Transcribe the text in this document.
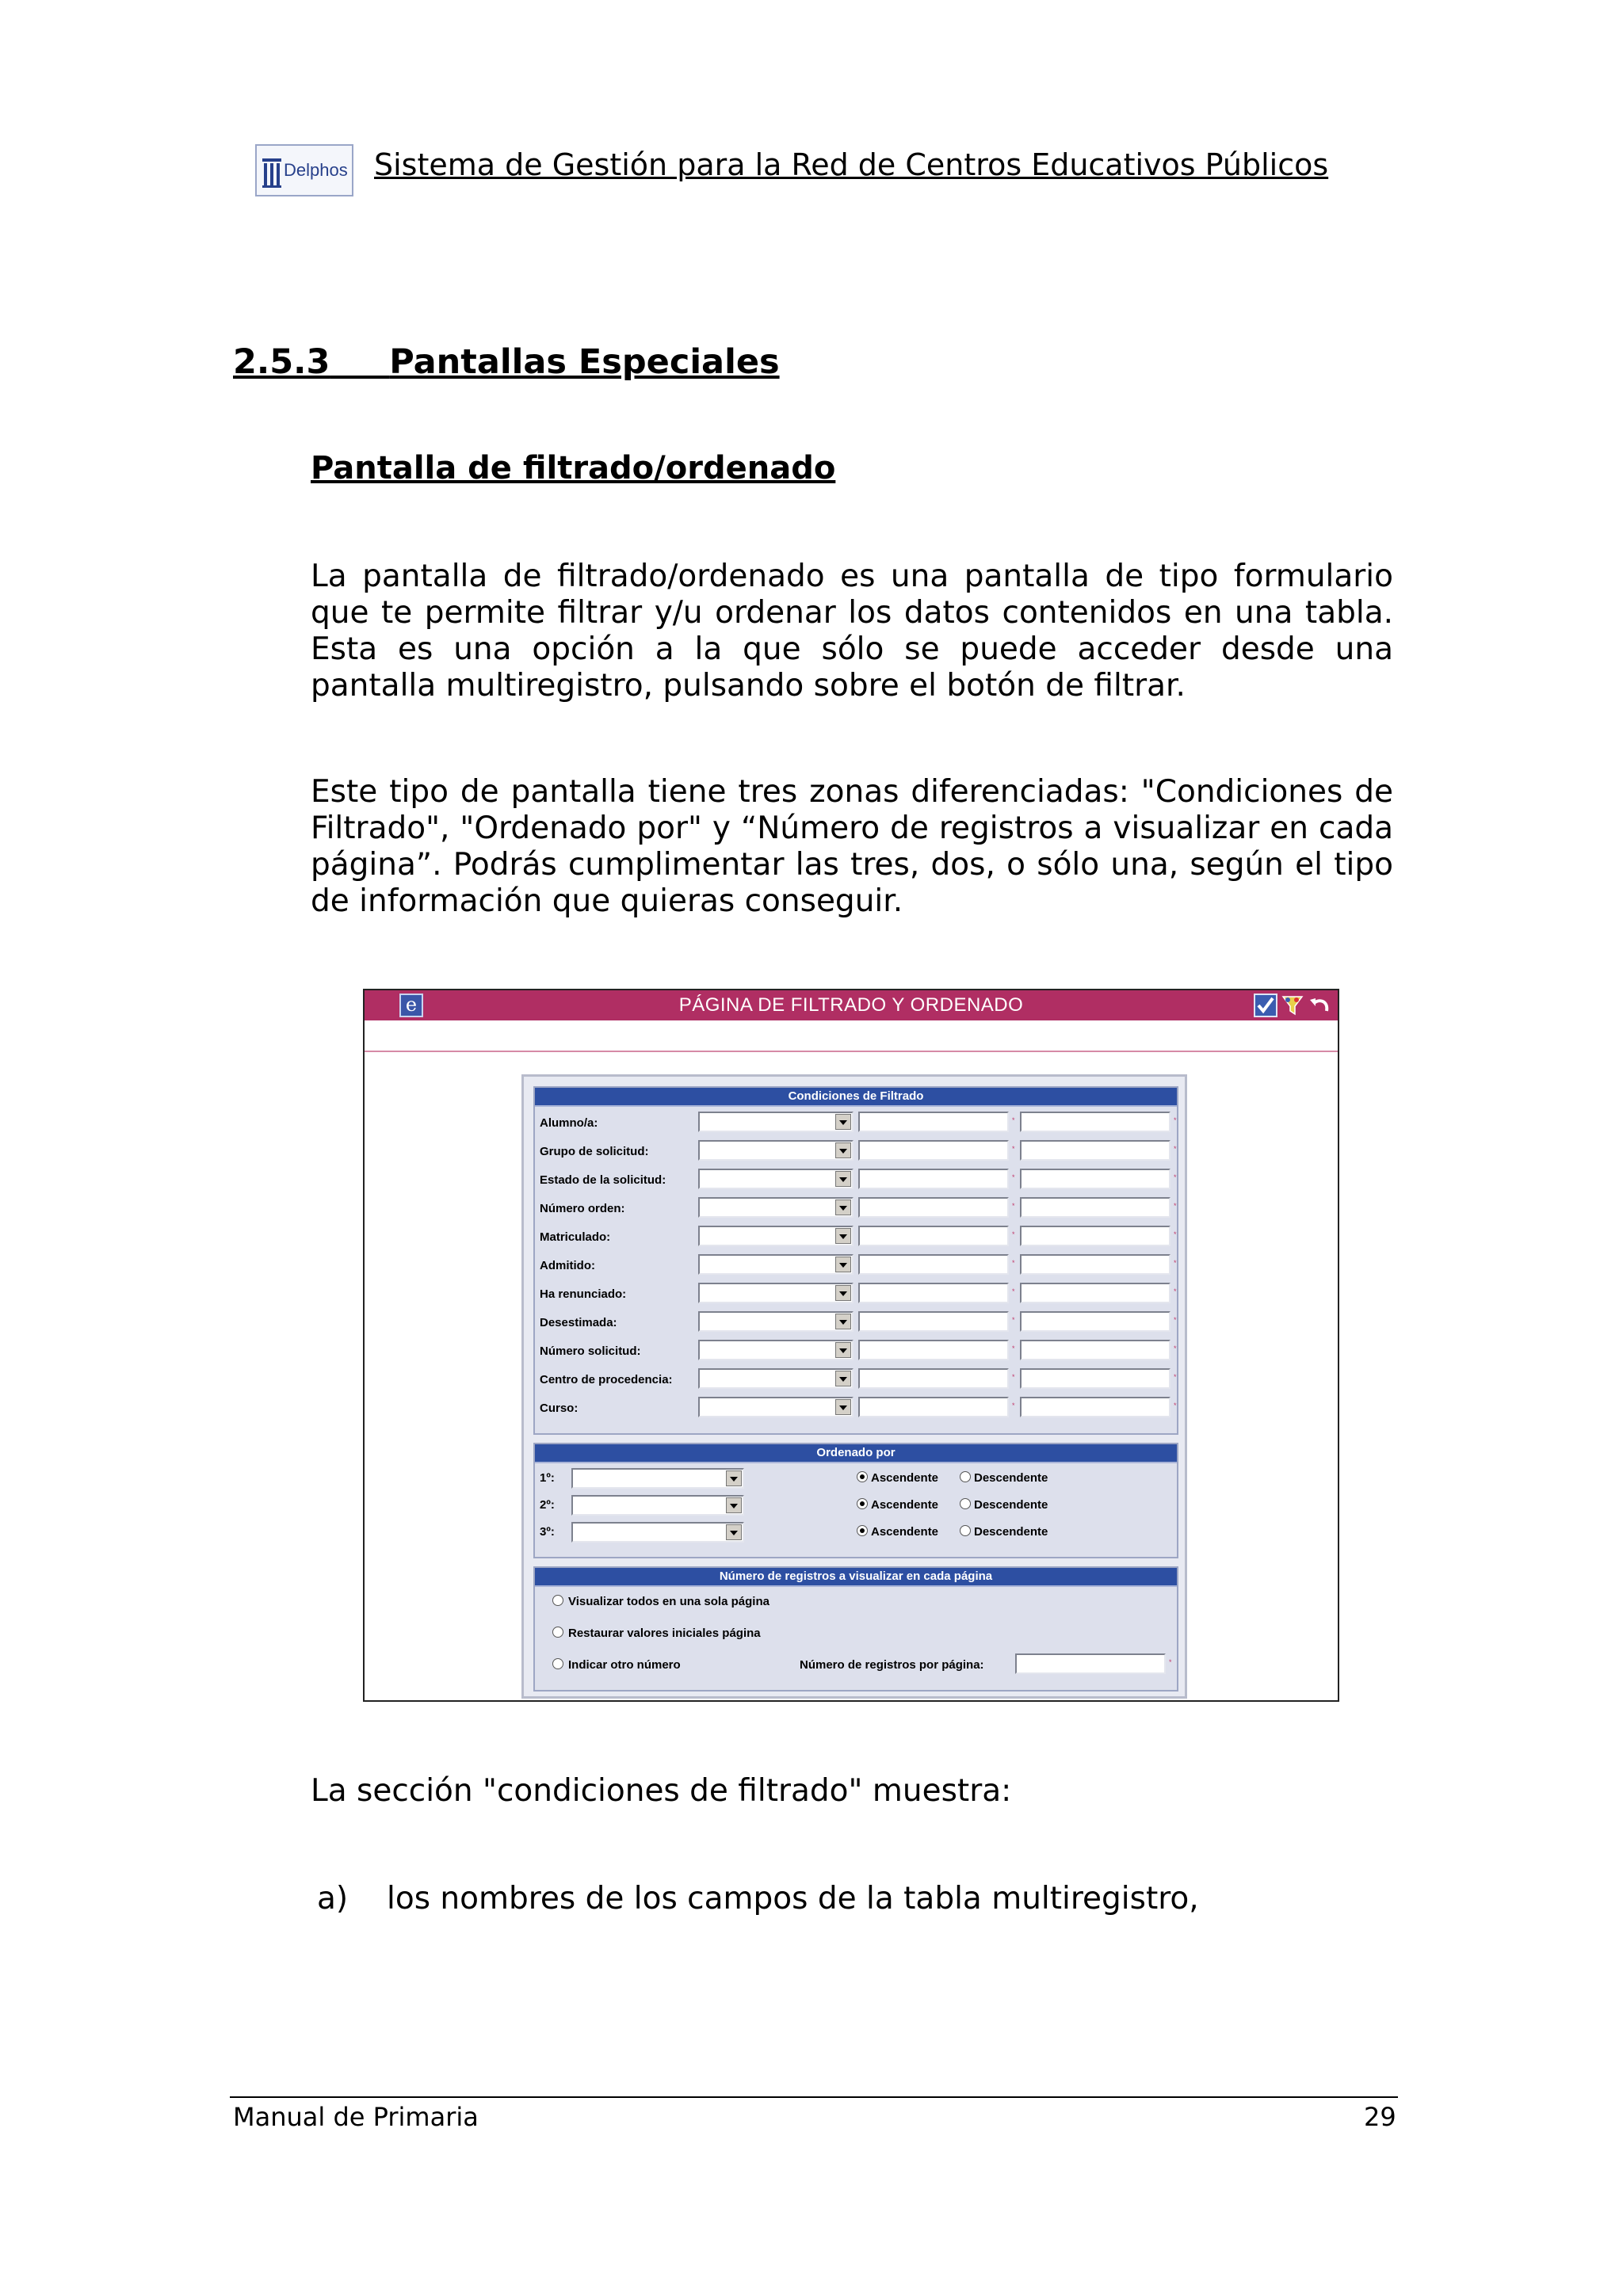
Delphos Sistema de Gestión para la Red de Centros Educativos Públicos
2.5.3 Pantallas Especiales
Pantalla de filtrado/ordenado
La pantalla de filtrado/ordenado es una pantalla de tipo formulario que te permite filtrar y/u ordenar los datos contenidos en una tabla. Esta es una opción a la que sólo se puede acceder desde una pantalla multiregistro, pulsando sobre el botón de filtrar.
Este tipo de pantalla tiene tres zonas diferenciadas: "Condiciones de Filtrado", "Ordenado por" y “Número de registros a visualizar en cada página”. Podrás cumplimentar las tres, dos, o sólo una, según el tipo de información que quieras conseguir.
e	PÁGINA DE FILTRADO Y ORDENADO
Condiciones de Filtrado
Alumno/a:	*	*
Grupo de solicitud:	*	*
Estado de la solicitud:	*	*
Número orden:	*	*
Matriculado:	*	*
Admitido:	*	*
Ha renunciado:	*	*
Desestimada:	*	*
Número solicitud:	*	*
Centro de procedencia:	*	*
Curso:	*	*
Ordenado por
1º:	Ascendente	Descendente
2º:	Ascendente	Descendente
3º:	Ascendente	Descendente
Número de registros a visualizar en cada página
Visualizar todos en una sola página
Restaurar valores iniciales página
Indicar otro número	Número de registros por página:	*
La sección "condiciones de filtrado" muestra:
a) los nombres de los campos de la tabla multiregistro,
Manual de Primaria	29
